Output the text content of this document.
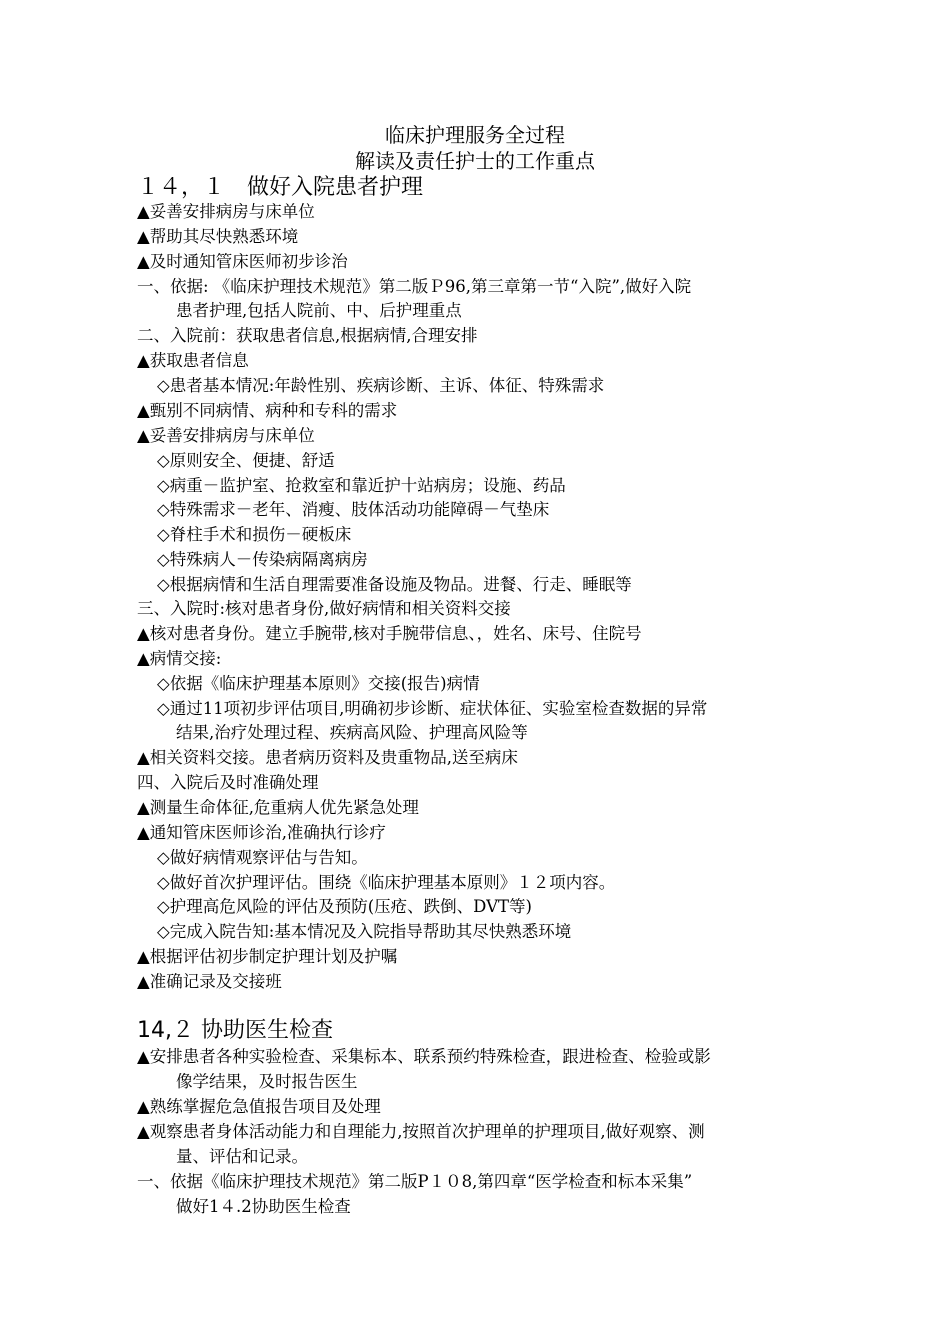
临床护理服务全过程
解读及责任护士的工作重点
１４，１　做好入院患者护理
▲妥善安排病房与床单位
▲帮助其尽快熟悉环境
▲及时通知管床医师初步诊治
一、依据: 《临床护理技术规范》第二版Ｐ96,第三章第一节“入院”,做好入院
患者护理,包括人院前、中、后护理重点
二、入院前：获取患者信息,根据病情,合理安排
▲获取患者信息
◇患者基本情况:年龄性别、疾病诊断、主诉、体征、特殊需求
▲甄别不同病情、病种和专科的需求
▲妥善安排病房与床单位
◇原则安全、便捷、舒适
◇病重－监护室、抢救室和靠近护十站病房；设施、药品
◇特殊需求－老年、消瘦、肢体活动功能障碍－气垫床
◇脊柱手术和损伤－硬板床
◇特殊病人－传染病隔离病房
◇根据病情和生活自理需要准备设施及物品。进餐、行走、睡眠等
三、入院时:核对患者身份,做好病情和相关资料交接
▲核对患者身份。建立手腕带,核对手腕带信息、，姓名、床号、住院号
▲病情交接:
◇依据《临床护理基本原则》交接(报告)病情
◇通过11项初步评估项目,明确初步诊断、症状体征、实验室检查数据的异常
结果,治疗处理过程、疾病高风险、护理高风险等
▲相关资料交接。患者病历资料及贵重物品,送至病床
四、入院后及时准确处理
▲测量生命体征,危重病人优先紧急处理
▲通知管床医师诊治,准确执行诊疗
◇做好病情观察评估与告知。
◇做好首次护理评估。围绕《临床护理基本原则》１２项内容。
◇护理高危风险的评估及预防(压疮、跌倒、DVT等)
◇完成入院告知:基本情况及入院指导帮助其尽快熟悉环境
▲根据评估初步制定护理计划及护嘱
▲准确记录及交接班
14,２ 协助医生检查
▲安排患者各种实验检查、采集标本、联系预约特殊检查，跟进检查、检验或影
像学结果，及时报告医生
▲熟练掌握危急值报告项目及处理
▲观察患者身体活动能力和自理能力,按照首次护理单的护理项目,做好观察、测
量、评估和记录。
一、依据《临床护理技术规范》第二版P１０8,第四章“医学检查和标本采集”
做好1４.2协助医生检查
